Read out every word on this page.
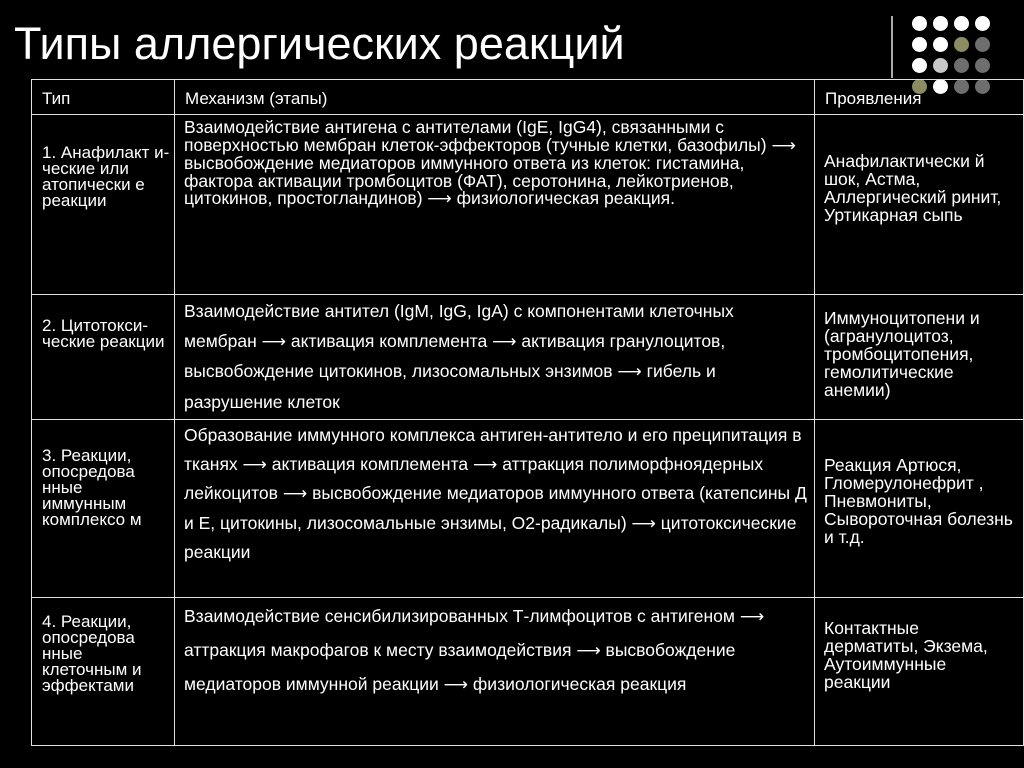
Типы аллергических реакций
Тип	Механизм (этапы)	Проявления
1. Анафилакт и-ческие или атопически е реакции	Взаимодействие антигена с антителами (IgE, IgG4), связанными с поверхностью мембран клеток-эффекторов (тучные клетки, базофилы) ⟶ высвобождение медиаторов иммунного ответа из клеток: гистамина, фактора активации тромбоцитов (ФАТ), серотонина, лейкотриенов, цитокинов, простогландинов) ⟶ физиологическая реакция.	Анафилактически й шок, Астма, Аллергический ринит, Уртикарная сыпь
2. Цитотокси-ческие реакции	Взаимодействие антител (IgM, IgG, IgA) с компонентами клеточных мембран ⟶ активация комплемента ⟶ активация гранулоцитов, высвобождение цитокинов, лизосомальных энзимов ⟶ гибель и разрушение клеток	Иммуноцитопени и (агранулоцитоз, тромбоцитопения, гемолитические анемии)
3. Реакции, опосредова нные иммунным комплексо м	Образование иммунного комплекса антиген-антитело и его преципитация в тканях ⟶ активация комплемента ⟶ аттракция полиморфноядерных лейкоцитов ⟶ высвобождение медиаторов иммунного ответа (катепсины Д и Е, цитокины, лизосомальные энзимы, О2-радикалы) ⟶ цитотоксические реакции	Реакция Артюся, Гломерулонефрит , Пневмониты, Сывороточная болезнь и т.д.
4. Реакции, опосредова нные клеточным и эффектами	Взаимодействие сенсибилизированных Т-лимфоцитов с антигеном ⟶ аттракция макрофагов к месту взаимодействия ⟶ высвобождение медиаторов иммунной реакции ⟶ физиологическая реакция	Контактные дерматиты, Экзема, Аутоиммунные реакции
